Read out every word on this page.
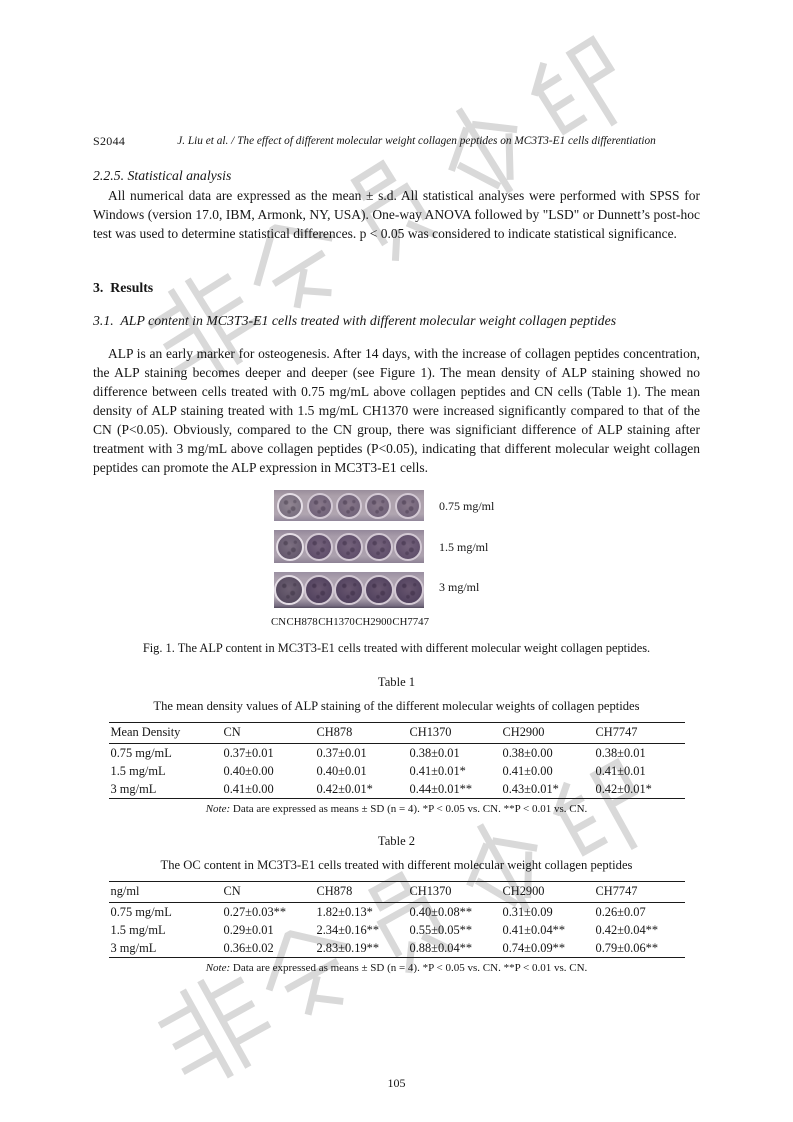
S2044	J. Liu et al. / The effect of different molecular weight collagen peptides on MC3T3-E1 cells differentiation
2.2.5. Statistical analysis

All numerical data are expressed as the mean ± s.d. All statistical analyses were performed with SPSS for Windows (version 17.0, IBM, Armonk, NY, USA). One-way ANOVA followed by "LSD" or Dunnett’s post-hoc test was used to determine statistical differences. p < 0.05 was considered to indicate statistical significance.

3.  Results
3.1.  ALP content in MC3T3-E1 cells treated with different molecular weight collagen peptides

ALP is an early marker for osteogenesis. After 14 days, with the increase of collagen peptides concentration, the ALP staining becomes deeper and deeper (see Figure 1). The mean density of ALP staining showed no difference between cells treated with 0.75 mg/mL above collagen peptides and CN cells (Table 1). The mean density of ALP staining treated with 1.5 mg/mL CH1370 were increased significantly compared to that of the CN (P<0.05). Obviously, compared to the CN group, there was significiant difference of ALP staining after treatment with 3 mg/mL above collagen peptides (P<0.05), indicating that different molecular weight collagen peptides can promote the ALP expression in MC3T3-E1 cells.

0.75 mg/ml
1.5 mg/ml
3 mg/ml
CN CH878 CH1370 CH2900 CH7747
Fig. 1. The ALP content in MC3T3-E1 cells treated with different molecular weight collagen peptides.
Table 1
The mean density values of ALP staining of the different molecular weights of collagen peptides
Mean Density	CN	CH878	CH1370	CH2900	CH7747
0.75 mg/mL	0.37±0.01	0.37±0.01	0.38±0.01	0.38±0.00	0.38±0.01
1.5 mg/mL	0.40±0.00	0.40±0.01	0.41±0.01*	0.41±0.00	0.41±0.01
3 mg/mL	0.41±0.00	0.42±0.01*	0.44±0.01**	0.43±0.01*	0.42±0.01*
Note: Data are expressed as means ± SD (n = 4). *P < 0.05 vs. CN. **P < 0.01 vs. CN.
Table 2
The OC content in MC3T3-E1 cells treated with different molecular weight collagen peptides
ng/ml	CN	CH878	CH1370	CH2900	CH7747
0.75 mg/mL	0.27±0.03**	1.82±0.13*	0.40±0.08**	0.31±0.09	0.26±0.07
1.5 mg/mL	0.29±0.01	2.34±0.16**	0.55±0.05**	0.41±0.04**	0.42±0.04**
3 mg/mL	0.36±0.02	2.83±0.19**	0.88±0.04**	0.74±0.09**	0.79±0.06**
Note: Data are expressed as means ± SD (n = 4). *P < 0.05 vs. CN. **P < 0.01 vs. CN.
105
